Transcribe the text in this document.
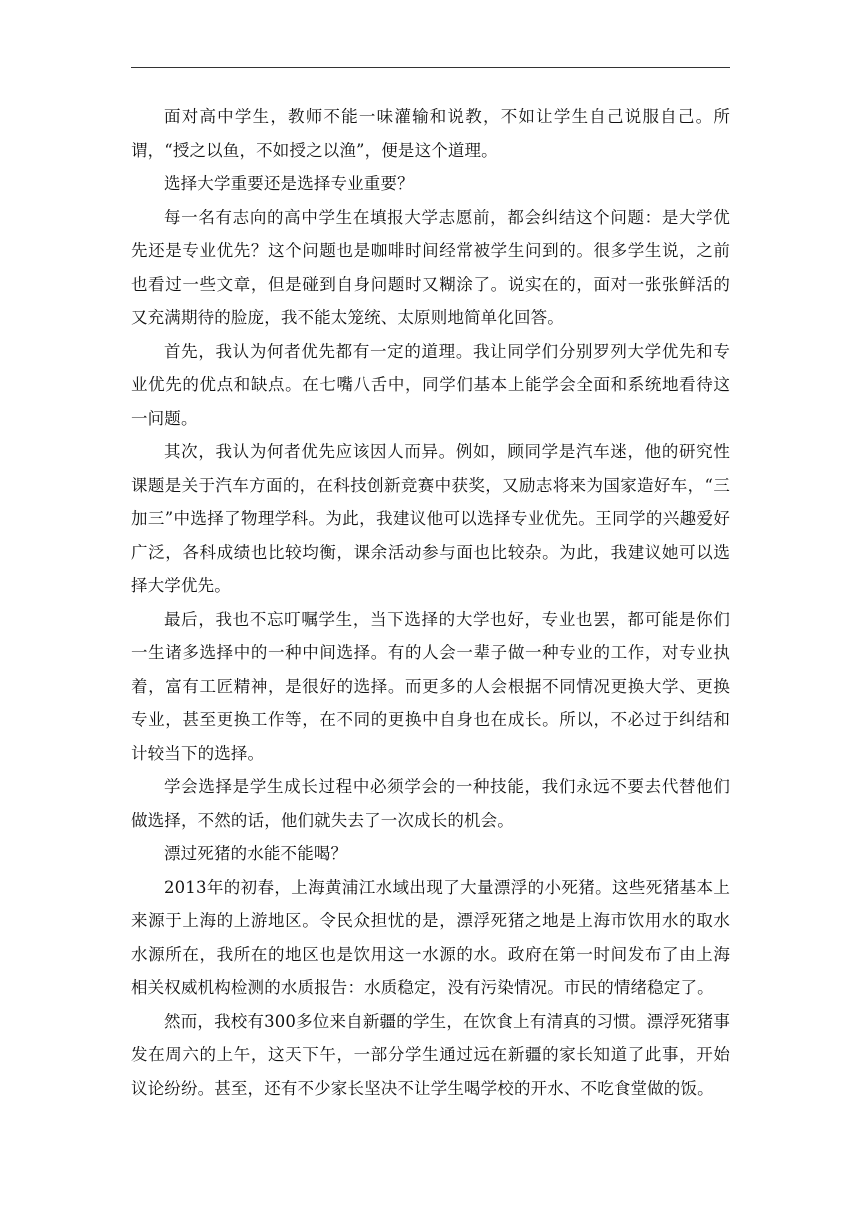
面对高中学生，教师不能一味灌输和说教，不如让学生自己说服自己。所谓，“授之以鱼，不如授之以渔”，便是这个道理。

选择大学重要还是选择专业重要？

每一名有志向的高中学生在填报大学志愿前，都会纠结这个问题：是大学优先还是专业优先？这个问题也是咖啡时间经常被学生问到的。很多学生说，之前也看过一些文章，但是碰到自身问题时又糊涂了。说实在的，面对一张张鲜活的又充满期待的脸庞，我不能太笼统、太原则地简单化回答。

首先，我认为何者优先都有一定的道理。我让同学们分别罗列大学优先和专业优先的优点和缺点。在七嘴八舌中，同学们基本上能学会全面和系统地看待这一问题。

其次，我认为何者优先应该因人而异。例如，顾同学是汽车迷，他的研究性课题是关于汽车方面的，在科技创新竞赛中获奖，又励志将来为国家造好车，“三加三”中选择了物理学科。为此，我建议他可以选择专业优先。王同学的兴趣爱好广泛，各科成绩也比较均衡，课余活动参与面也比较杂。为此，我建议她可以选择大学优先。

最后，我也不忘叮嘱学生，当下选择的大学也好，专业也罢，都可能是你们一生诸多选择中的一种中间选择。有的人会一辈子做一种专业的工作，对专业执着，富有工匠精神，是很好的选择。而更多的人会根据不同情况更换大学、更换专业，甚至更换工作等，在不同的更换中自身也在成长。所以，不必过于纠结和计较当下的选择。

学会选择是学生成长过程中必须学会的一种技能，我们永远不要去代替他们做选择，不然的话，他们就失去了一次成长的机会。

漂过死猪的水能不能喝？

2013年的初春，上海黄浦江水域出现了大量漂浮的小死猪。这些死猪基本上来源于上海的上游地区。令民众担忧的是，漂浮死猪之地是上海市饮用水的取水水源所在，我所在的地区也是饮用这一水源的水。政府在第一时间发布了由上海相关权威机构检测的水质报告：水质稳定，没有污染情况。市民的情绪稳定了。

然而，我校有300多位来自新疆的学生，在饮食上有清真的习惯。漂浮死猪事发在周六的上午，这天下午，一部分学生通过远在新疆的家长知道了此事，开始议论纷纷。甚至，还有不少家长坚决不让学生喝学校的开水、不吃食堂做的饭。
